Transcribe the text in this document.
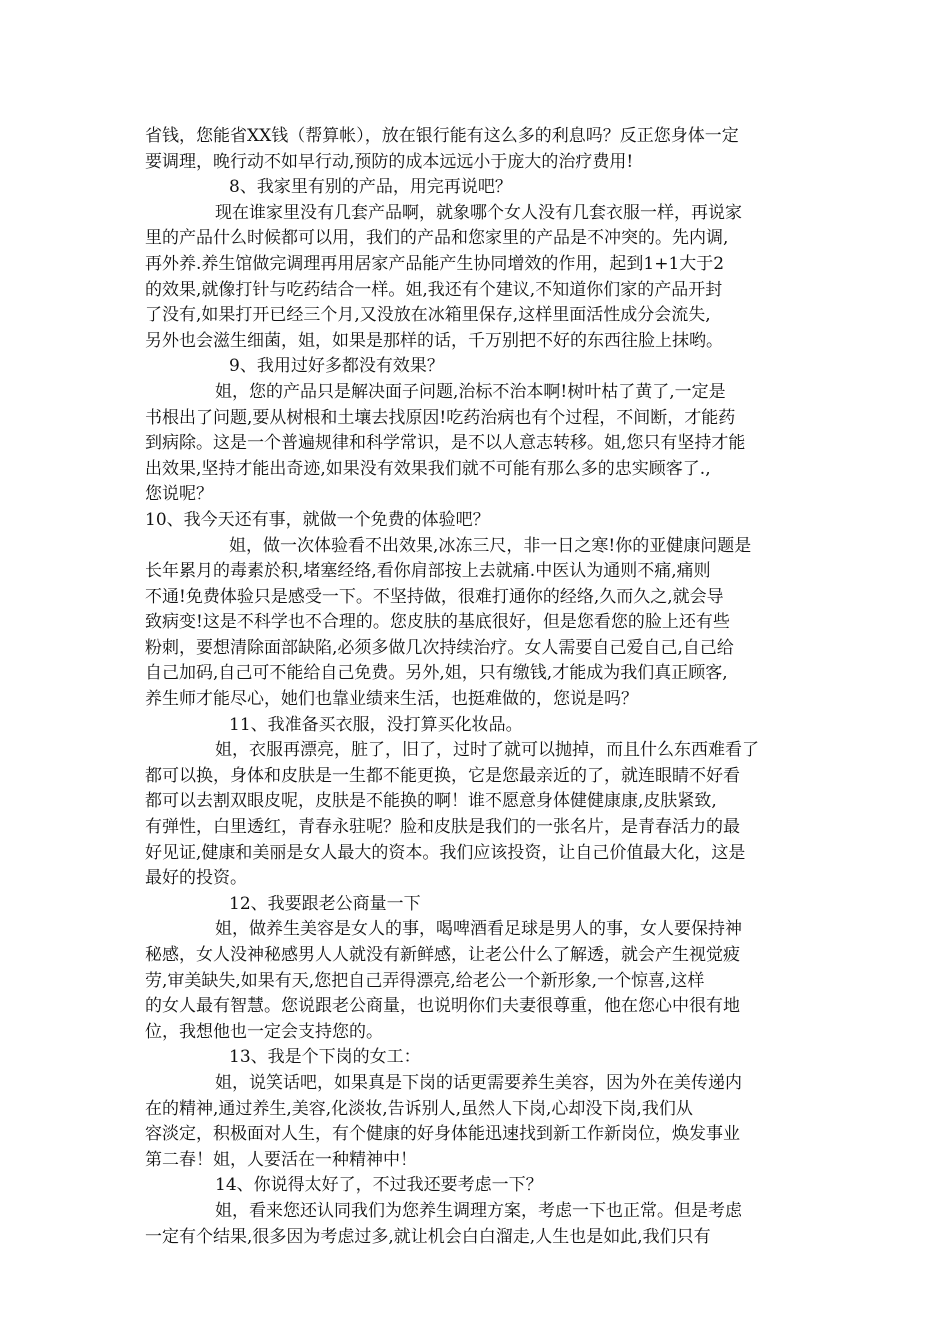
省钱，您能省XX钱（帮算帐），放在银行能有这么多的利息吗？反正您身体一定
要调理，晚行动不如早行动,预防的成本远远小于庞大的治疗费用!
8、我家里有别的产品，用完再说吧？
现在谁家里没有几套产品啊，就象哪个女人没有几套衣服一样，再说家
里的产品什么时候都可以用，我们的产品和您家里的产品是不冲突的。先内调,
再外养.养生馆做完调理再用居家产品能产生协同增效的作用，起到1+1大于2
的效果,就像打针与吃药结合一样。姐,我还有个建议,不知道你们家的产品开封
了没有,如果打开已经三个月,又没放在冰箱里保存,这样里面活性成分会流失,
另外也会滋生细菌，姐，如果是那样的话，千万别把不好的东西往脸上抹哟。
9、我用过好多都没有效果？
姐，您的产品只是解决面子问题,治标不治本啊!树叶枯了黄了,一定是
书根出了问题,要从树根和土壤去找原因!吃药治病也有个过程，不间断，才能药
到病除。这是一个普遍规律和科学常识，是不以人意志转移。姐,您只有坚持才能
出效果,坚持才能出奇迹,如果没有效果我们就不可能有那么多的忠实顾客了.,
您说呢？
10、我今天还有事，就做一个免费的体验吧？
姐，做一次体验看不出效果,冰冻三尺，非一日之寒!你的亚健康问题是
长年累月的毒素於积,堵塞经络,看你肩部按上去就痛.中医认为通则不痛,痛则
不通!免费体验只是感受一下。不坚持做，很难打通你的经络,久而久之,就会导
致病变!这是不科学也不合理的。您皮肤的基底很好，但是您看您的脸上还有些
粉刺，要想清除面部缺陷,必须多做几次持续治疗。女人需要自己爱自己,自己给
自己加码,自己可不能给自己免费。另外,姐，只有缴钱,才能成为我们真正顾客,
养生师才能尽心，她们也靠业绩来生活，也挺难做的，您说是吗？
11、我准备买衣服，没打算买化妆品。
姐，衣服再漂亮，脏了，旧了，过时了就可以抛掉，而且什么东西难看了
都可以换，身体和皮肤是一生都不能更换，它是您最亲近的了，就连眼睛不好看
都可以去割双眼皮呢，皮肤是不能换的啊！谁不愿意身体健健康康,皮肤紧致,
有弹性，白里透红，青春永驻呢？脸和皮肤是我们的一张名片，是青春活力的最
好见证,健康和美丽是女人最大的资本。我们应该投资，让自己价值最大化，这是
最好的投资。
12、我要跟老公商量一下
姐，做养生美容是女人的事，喝啤酒看足球是男人的事，女人要保持神
秘感，女人没神秘感男人人就没有新鲜感，让老公什么了解透，就会产生视觉疲
劳,审美缺失,如果有天,您把自己弄得漂亮,给老公一个新形象,一个惊喜,这样
的女人最有智慧。您说跟老公商量，也说明你们夫妻很尊重，他在您心中很有地
位，我想他也一定会支持您的。
13、我是个下岗的女工：
姐，说笑话吧，如果真是下岗的话更需要养生美容，因为外在美传递内
在的精神,通过养生,美容,化淡妆,告诉别人,虽然人下岗,心却没下岗,我们从
容淡定，积极面对人生，有个健康的好身体能迅速找到新工作新岗位，焕发事业
第二春！姐，人要活在一种精神中！
14、你说得太好了，不过我还要考虑一下？
姐，看来您还认同我们为您养生调理方案，考虑一下也正常。但是考虑
一定有个结果,很多因为考虑过多,就让机会白白溜走,人生也是如此,我们只有
